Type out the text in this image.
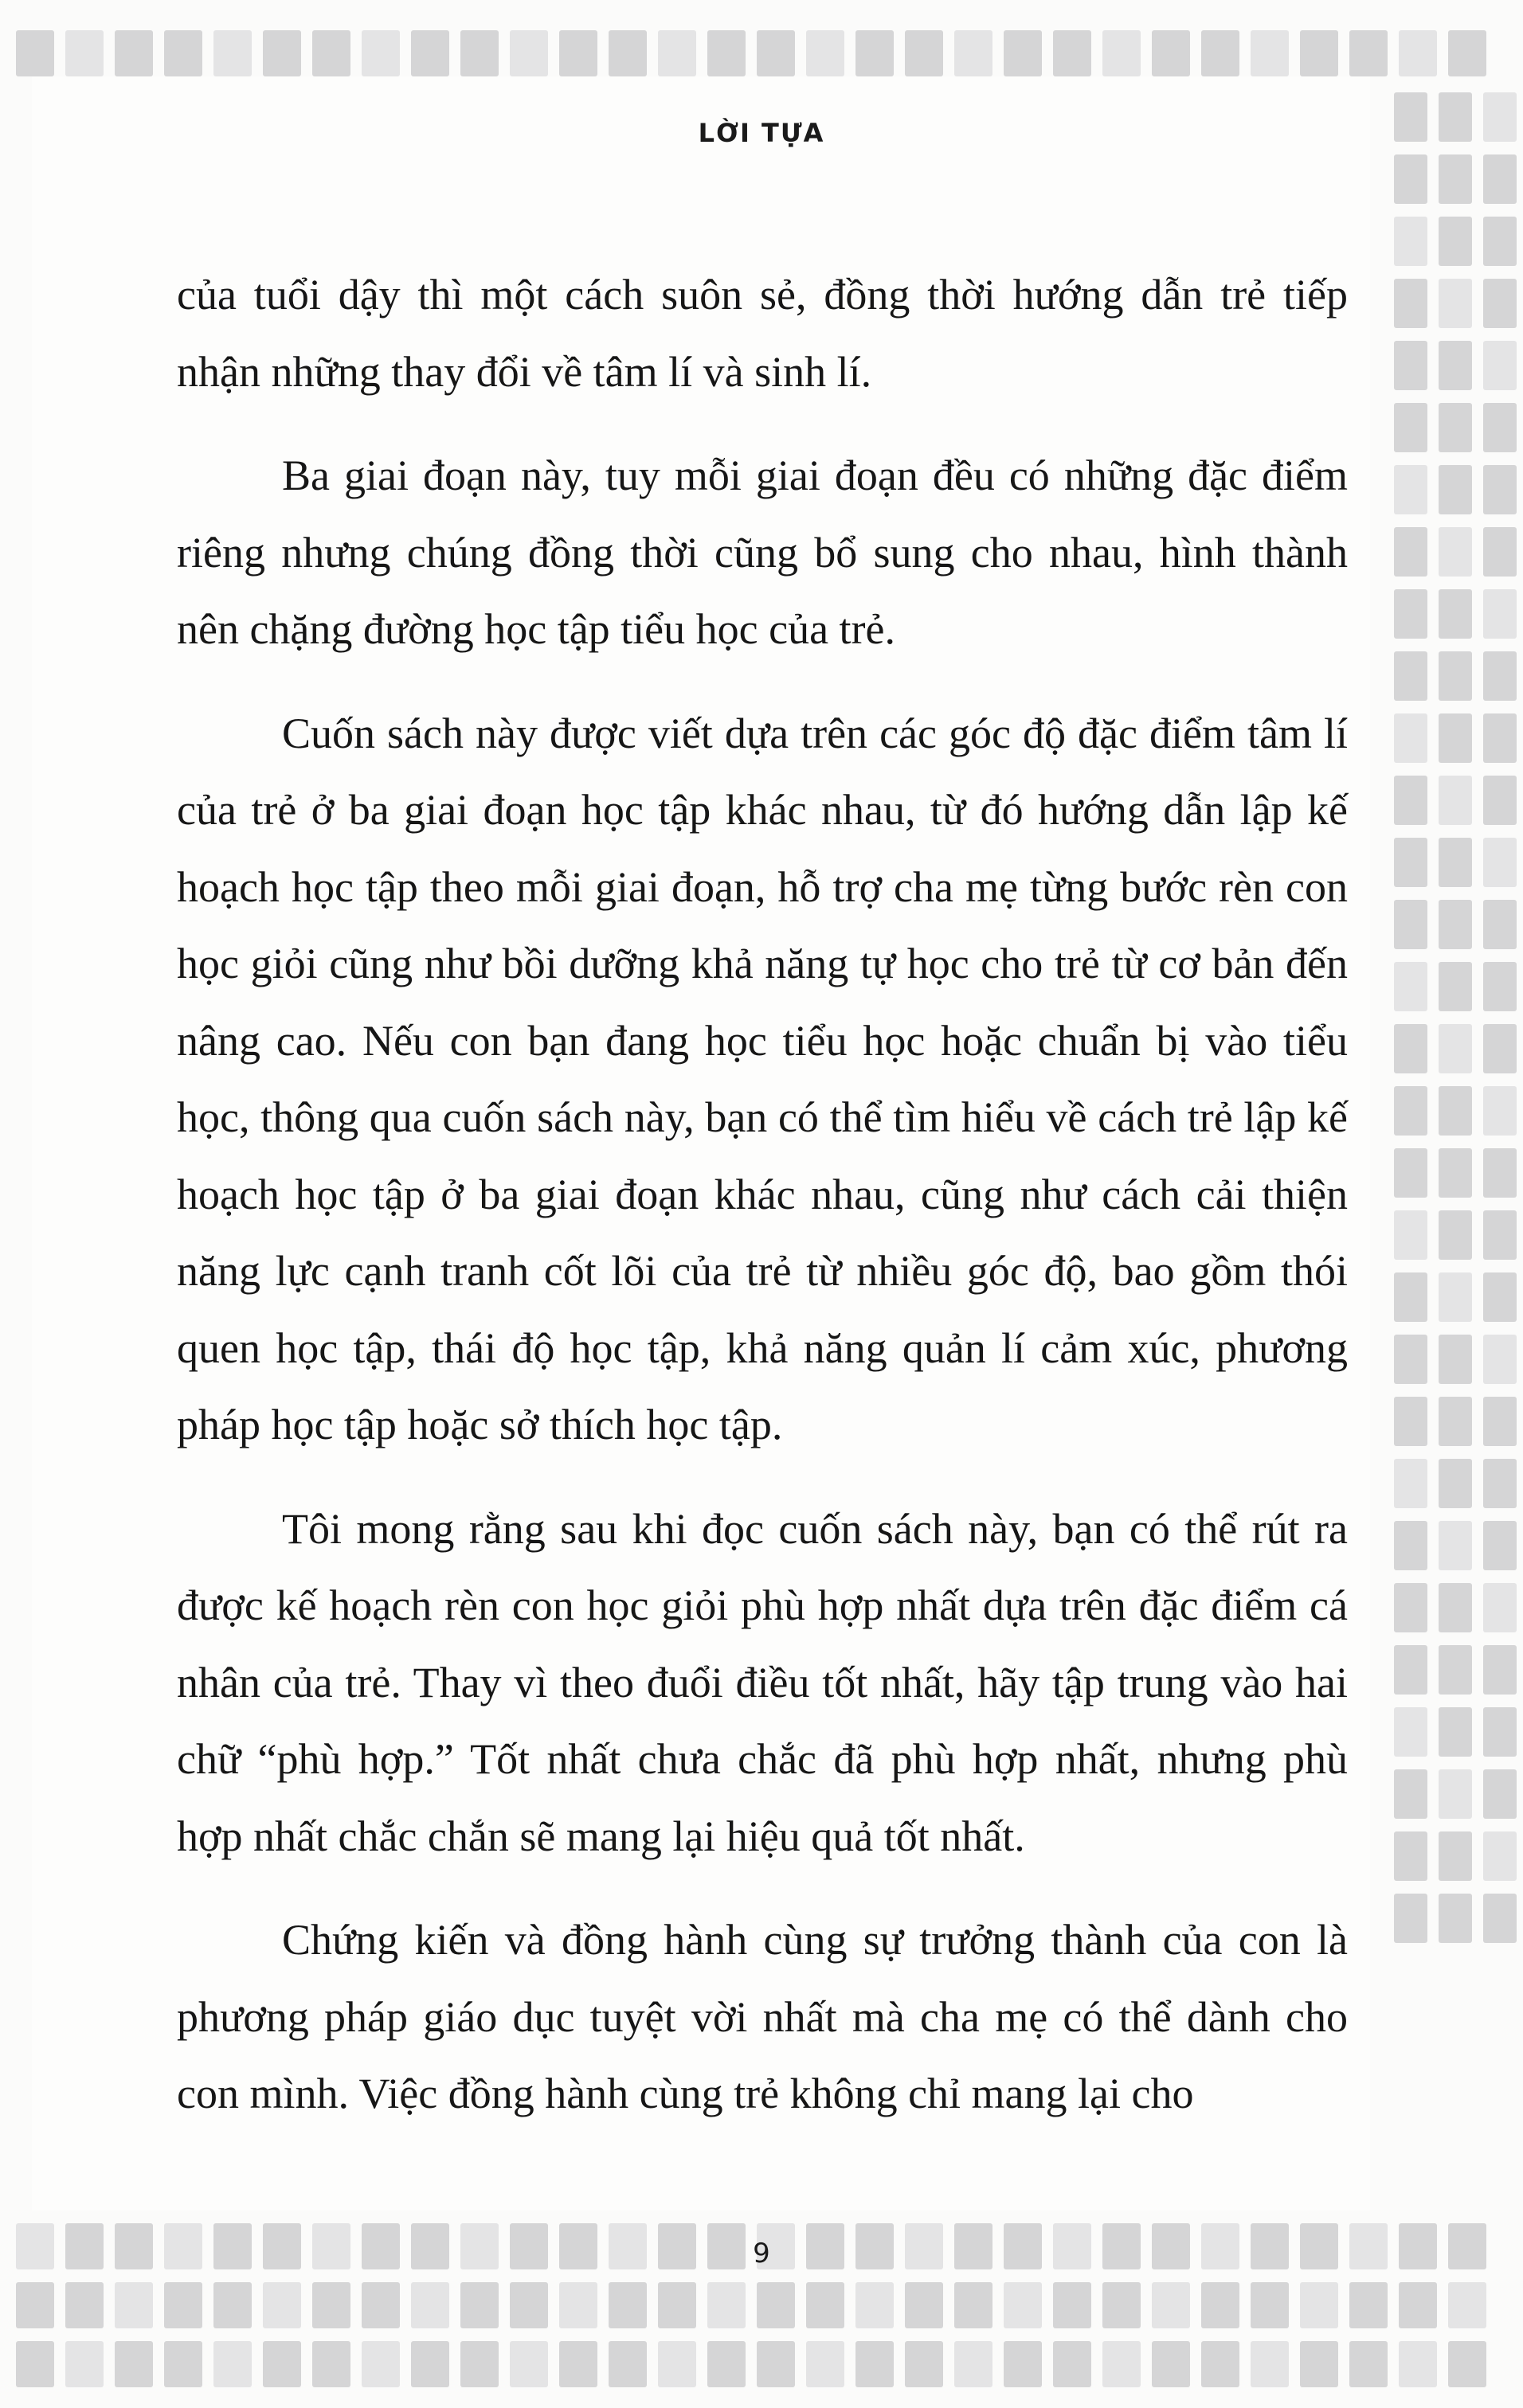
LỜI TỰA

của tuổi dậy thì một cách suôn sẻ, đồng thời hướng dẫn trẻ tiếp nhận những thay đổi về tâm lí và sinh lí.

Ba giai đoạn này, tuy mỗi giai đoạn đều có những đặc điểm riêng nhưng chúng đồng thời cũng bổ sung cho nhau, hình thành nên chặng đường học tập tiểu học của trẻ.

Cuốn sách này được viết dựa trên các góc độ đặc điểm tâm lí của trẻ ở ba giai đoạn học tập khác nhau, từ đó hướng dẫn lập kế hoạch học tập theo mỗi giai đoạn, hỗ trợ cha mẹ từng bước rèn con học giỏi cũng như bồi dưỡng khả năng tự học cho trẻ từ cơ bản đến nâng cao. Nếu con bạn đang học tiểu học hoặc chuẩn bị vào tiểu học, thông qua cuốn sách này, bạn có thể tìm hiểu về cách trẻ lập kế hoạch học tập ở ba giai đoạn khác nhau, cũng như cách cải thiện năng lực cạnh tranh cốt lõi của trẻ từ nhiều góc độ, bao gồm thói quen học tập, thái độ học tập, khả năng quản lí cảm xúc, phương pháp học tập hoặc sở thích học tập.

Tôi mong rằng sau khi đọc cuốn sách này, bạn có thể rút ra được kế hoạch rèn con học giỏi phù hợp nhất dựa trên đặc điểm cá nhân của trẻ. Thay vì theo đuổi điều tốt nhất, hãy tập trung vào hai chữ “phù hợp.” Tốt nhất chưa chắc đã phù hợp nhất, nhưng phù hợp nhất chắc chắn sẽ mang lại hiệu quả tốt nhất.

Chứng kiến và đồng hành cùng sự trưởng thành của con là phương pháp giáo dục tuyệt vời nhất mà cha mẹ có thể dành cho con mình. Việc đồng hành cùng trẻ không chỉ mang lại cho

9
